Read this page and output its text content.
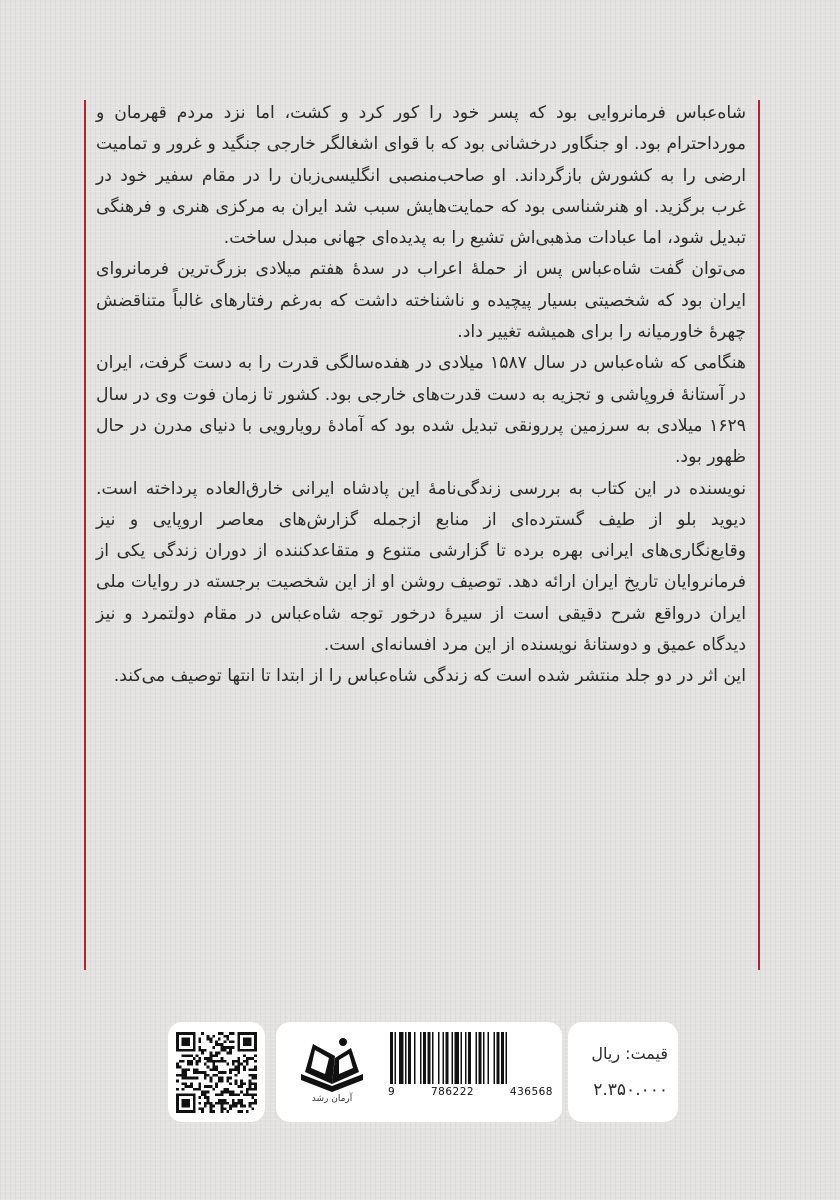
شاه‌عباس فرمانروایی بود که پسر خود را کور کرد و کشت، اما نزد مردم قهرمان و مورداحترام بود. او جنگاور درخشانی بود که با قوای اشغالگر خارجی جنگید و غرور و تمامیت ارضی را به کشورش بازگرداند. او صاحب‌منصبی انگلیسی‌زبان را در مقام سفیر خود در غرب برگزید. او هنرشناسی بود که حمایت‌هایش سبب شد ایران به مرکزی هنری و فرهنگی تبدیل شود، اما عبادات مذهبی‌اش تشیع را به پدیده‌ای جهانی مبدل ساخت.

می‌توان گفت شاه‌عباس پس از حملهٔ اعراب در سدهٔ هفتم میلادی بزرگ‌ترین فرمانروای ایران بود که شخصیتی بسیار پیچیده و ناشناخته داشت که به‌رغم رفتارهای غالباً متناقضش چهرهٔ خاورمیانه را برای همیشه تغییر داد.

هنگامی که شاه‌عباس در سال ۱۵۸۷ میلادی در هفده‌سالگی قدرت را به دست گرفت، ایران در آستانهٔ فروپاشی و تجزیه به دست قدرت‌های خارجی بود. کشور تا زمان فوت وی در سال ۱۶۲۹ میلادی به سرزمین پررونقی تبدیل شده بود که آمادهٔ رویارویی با دنیای مدرن در حال ظهور بود.

نویسنده در این کتاب به بررسی زندگی‌نامهٔ این پادشاه ایرانی خارق‌العاده پرداخته است. دیوید بلو از طیف گسترده‌ای از منابع ازجمله گزارش‌های معاصر اروپایی و نیز وقایع‌نگاری‌های ایرانی بهره برده تا گزارشی متنوع و متقاعدکننده از دوران زندگی یکی از فرمانروایان تاریخ ایران ارائه دهد. توصیف روشن او از این شخصیت برجسته در روایات ملی ایران درواقع شرح دقیقی است از سیرهٔ درخور توجه شاه‌عباس در مقام دولتمرد و نیز دیدگاه عمیق و دوستانهٔ نویسنده از این مرد افسانه‌ای است.

این اثر در دو جلد منتشر شده است که زندگی شاه‌عباس را از ابتدا تا انتها توصیف می‌کند.

آرمان رشد
9	786222	436568
قیمت: ریال
۲.۳۵۰.۰۰۰
